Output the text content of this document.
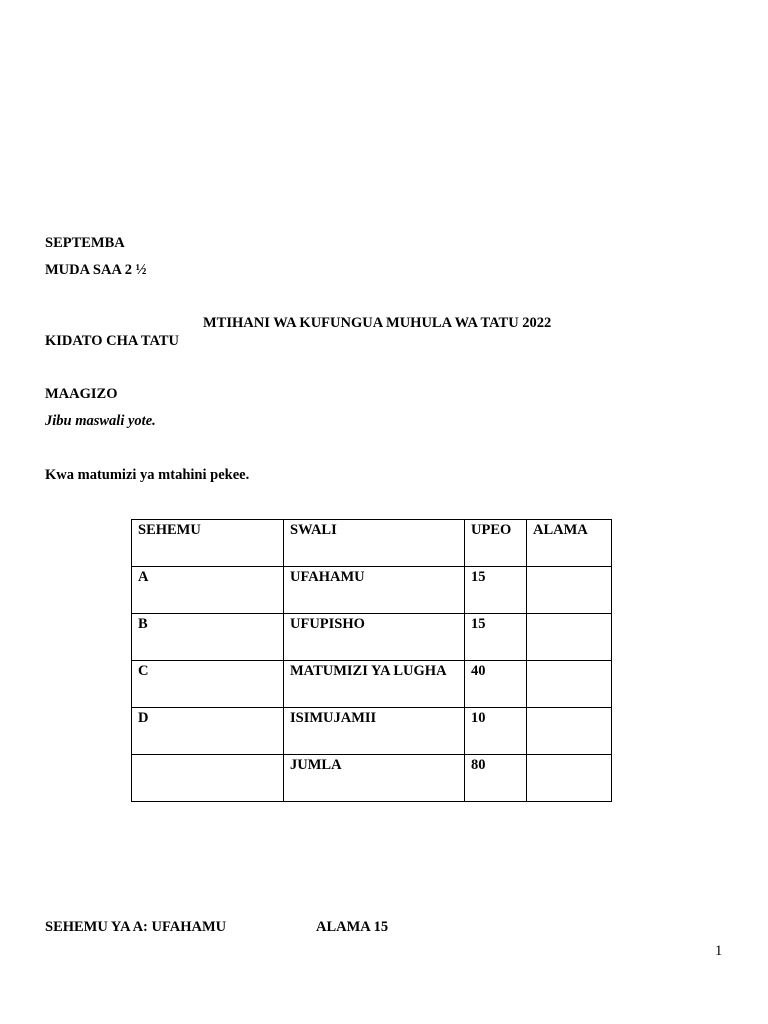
SEPTEMBA
MUDA SAA 2 ½
MTIHANI WA KUFUNGUA MUHULA WA TATU 2022
KIDATO CHA TATU
MAAGIZO
Jibu maswali yote.
Kwa matumizi ya mtahini pekee.
SEHEMU	SWALI	UPEO	ALAMA
A	UFAHAMU	15	
B	UFUPISHO	15	
C	MATUMIZI YA LUGHA	40	
D	ISIMUJAMII	10	
	JUMLA	80	
SEHEMU YA A: UFAHAMU	ALAMA 15
1
